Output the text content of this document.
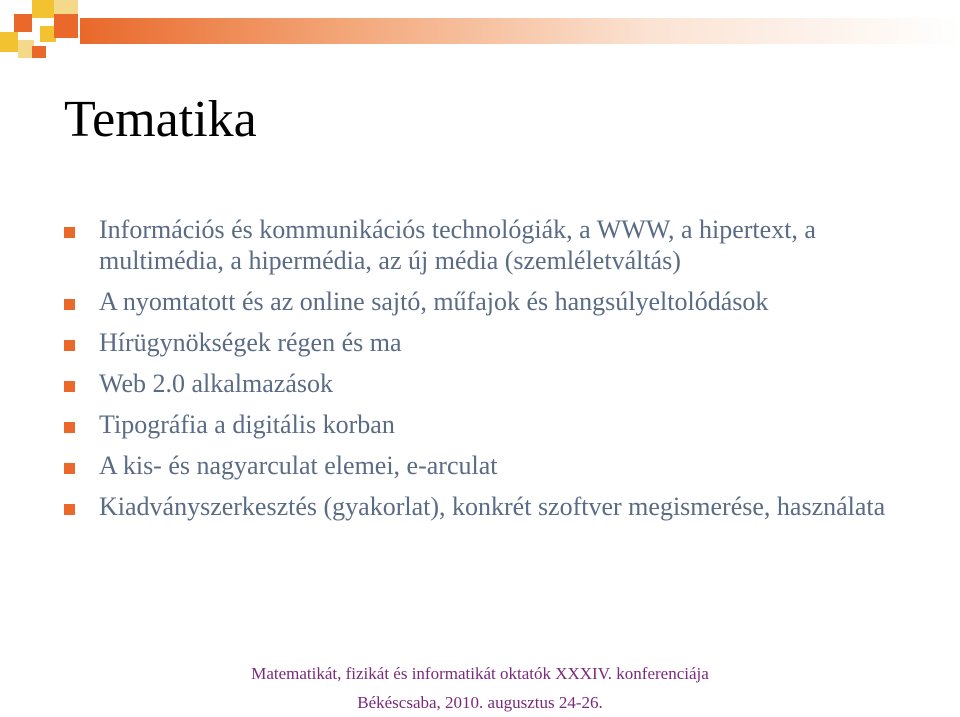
Tematika
Információs és kommunikációs technológiák, a WWW, a hipertext, a multimédia, a hipermédia, az új média (szemléletváltás)
A nyomtatott és az online sajtó, műfajok és hangsúlyeltolódások
Hírügynökségek régen és ma
Web 2.0 alkalmazások
Tipográfia a digitális korban
A kis- és nagyarculat elemei, e-arculat
Kiadványszerkesztés (gyakorlat), konkrét szoftver megismerése, használata
Matematikát, fizikát és informatikát oktatók XXXIV. konferenciája
Békéscsaba, 2010. augusztus 24-26.
